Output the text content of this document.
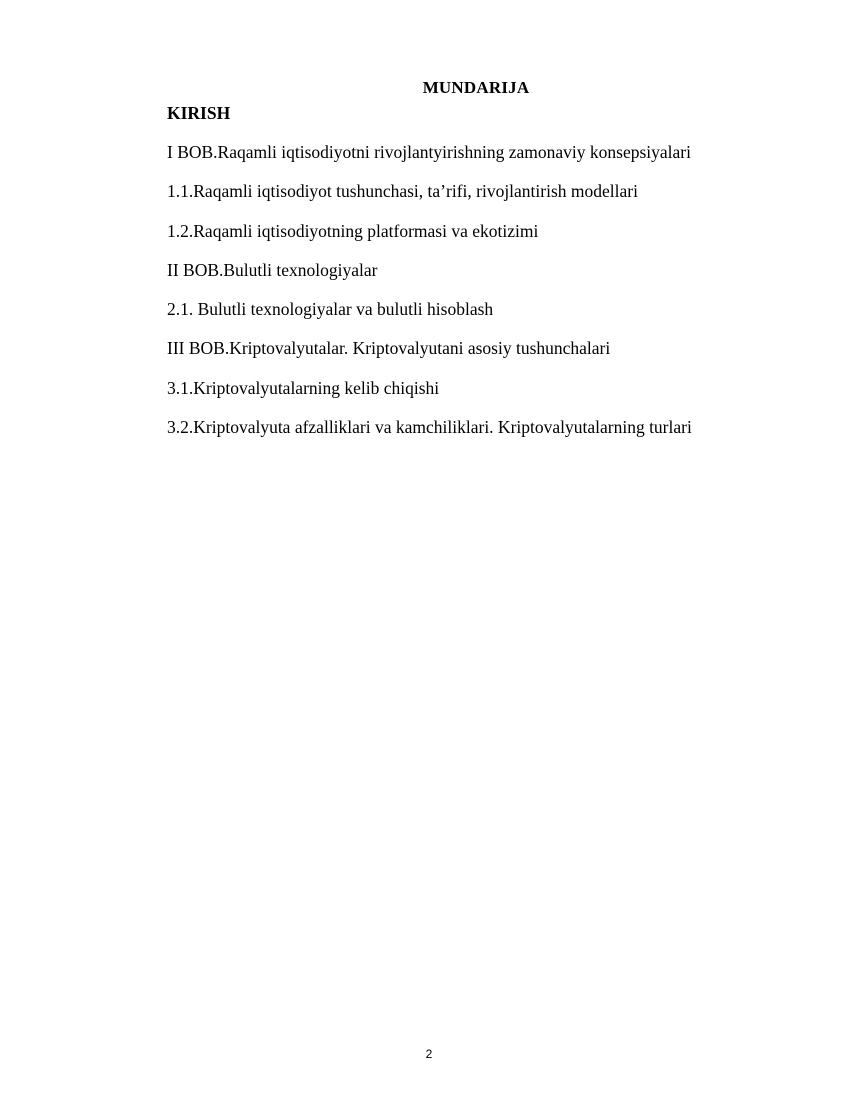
MUNDARIJA
KIRISH
I BOB.Raqamli iqtisodiyotni rivojlantyirishning zamonaviy konsepsiyalari
1.1.Raqamli iqtisodiyot tushunchasi, ta’rifi, rivojlantirish modellari
1.2.Raqamli iqtisodiyotning platformasi va ekotizimi
II BOB.Bulutli texnologiyalar
2.1. Bulutli texnologiyalar va bulutli hisoblash
III BOB.Kriptovalyutalar. Kriptovalyutani asosiy tushunchalari
3.1.Kriptovalyutalarning kelib chiqishi
3.2.Kriptovalyuta afzalliklari va kamchiliklari. Kriptovalyutalarning turlari
2
